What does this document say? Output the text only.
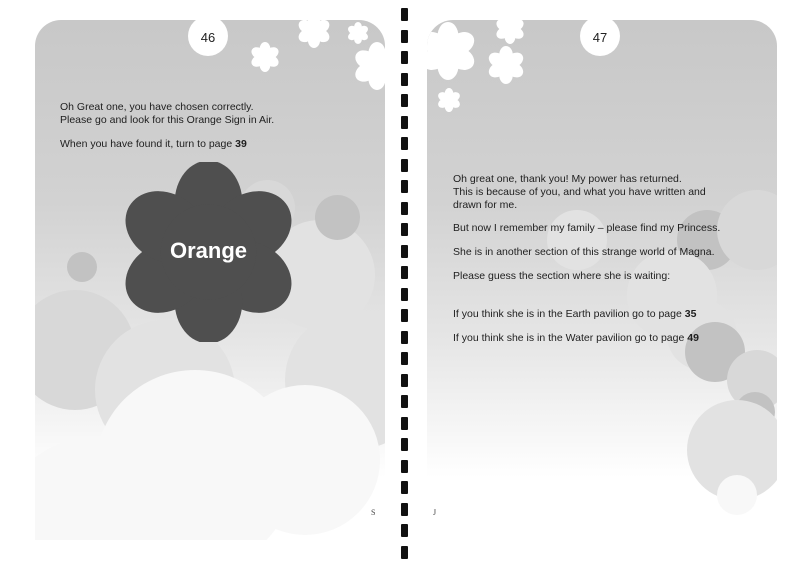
46
Oh Great one, you have chosen correctly.
Please go and look for this Orange Sign in Air.
When you have found it, turn to page 39
Orange
S
47
Oh great one, thank you! My power has returned.
This is because of you, and what you have written and
drawn for me.
But now I remember my family – please find my Princess.
She is in another section of this strange world of Magna.
Please guess the section where she is waiting:
If you think she is in the Earth pavilion go to page 35
If you think she is in the Water pavilion go to page 49
J
